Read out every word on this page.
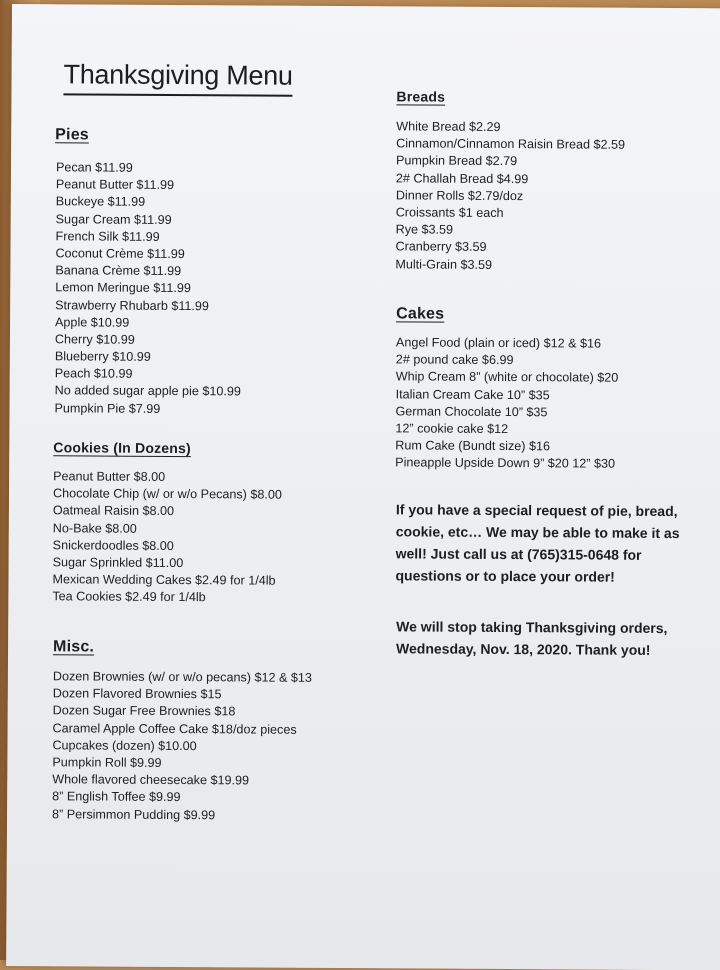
Thanksgiving Menu
Pies
Pecan $11.99
Peanut Butter $11.99
Buckeye $11.99
Sugar Cream $11.99
French Silk $11.99
Coconut Crème $11.99
Banana Crème $11.99
Lemon Meringue $11.99
Strawberry Rhubarb $11.99
Apple $10.99
Cherry $10.99
Blueberry $10.99
Peach $10.99
No added sugar apple pie $10.99
Pumpkin Pie $7.99
Cookies (In Dozens)
Peanut Butter $8.00
Chocolate Chip (w/ or w/o Pecans) $8.00
Oatmeal Raisin $8.00
No-Bake $8.00
Snickerdoodles $8.00
Sugar Sprinkled $11.00
Mexican Wedding Cakes $2.49 for 1/4lb
Tea Cookies $2.49 for 1/4lb
Misc.
Dozen Brownies (w/ or w/o pecans) $12 & $13
Dozen Flavored Brownies $15
Dozen Sugar Free Brownies $18
Caramel Apple Coffee Cake $18/doz pieces
Cupcakes (dozen) $10.00
Pumpkin Roll $9.99
Whole flavored cheesecake $19.99
8” English Toffee $9.99
8” Persimmon Pudding $9.99
Breads
White Bread $2.29
Cinnamon/Cinnamon Raisin Bread $2.59
Pumpkin Bread $2.79
2# Challah Bread $4.99
Dinner Rolls $2.79/doz
Croissants $1 each
Rye $3.59
Cranberry $3.59
Multi-Grain $3.59
Cakes
Angel Food (plain or iced) $12 & $16
2# pound cake $6.99
Whip Cream 8” (white or chocolate) $20
Italian Cream Cake 10” $35
German Chocolate 10” $35
12” cookie cake $12
Rum Cake (Bundt size) $16
Pineapple Upside Down 9” $20 12” $30
If you have a special request of pie, bread, cookie, etc… We may be able to make it as well! Just call us at (765)315-0648 for questions or to place your order!
We will stop taking Thanksgiving orders, Wednesday, Nov. 18, 2020. Thank you!
